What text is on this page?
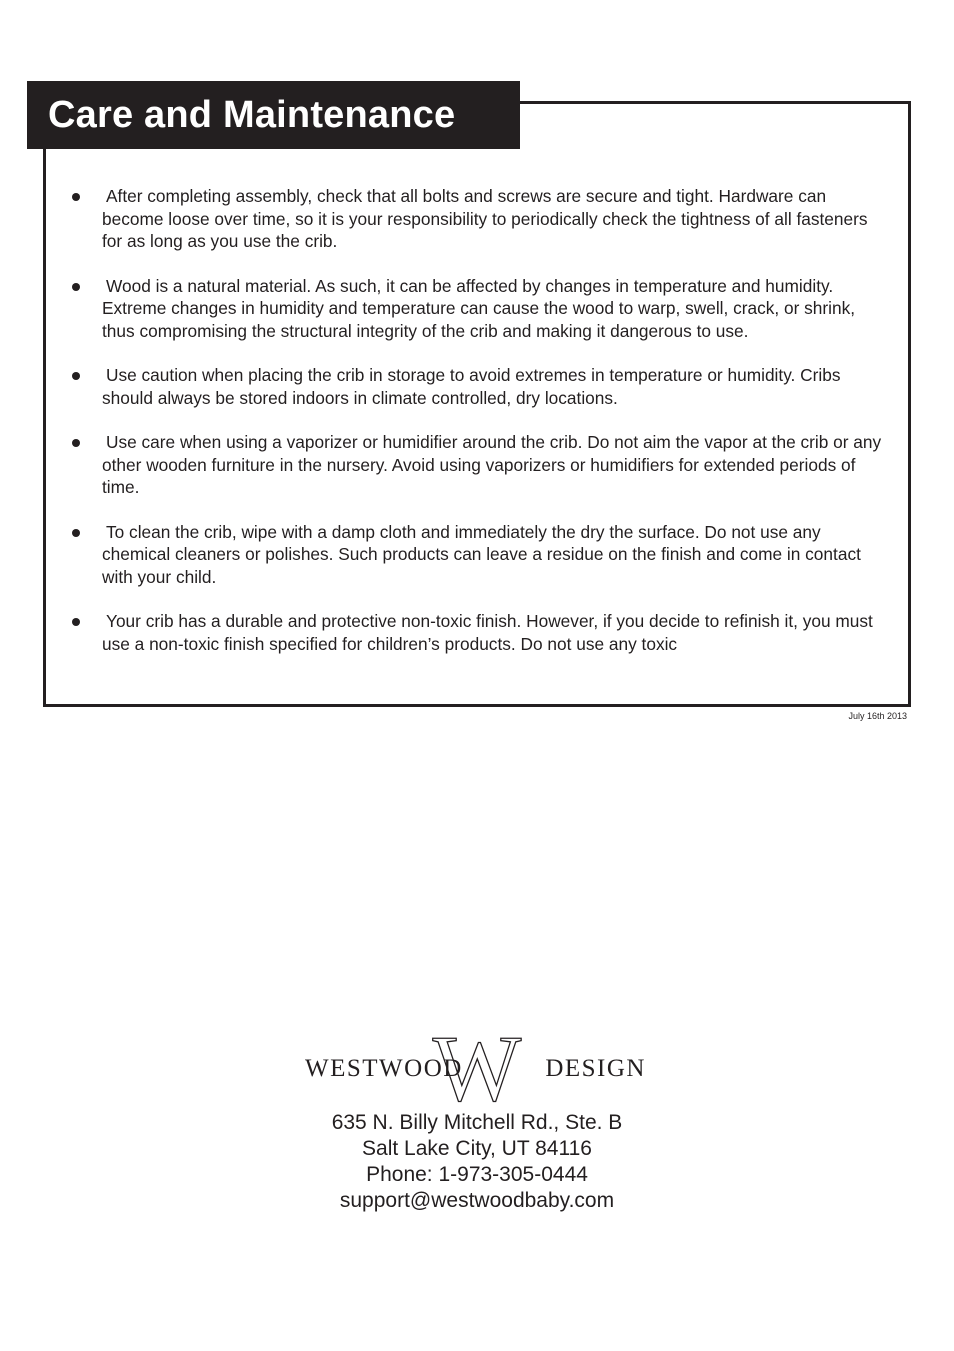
Care and Maintenance
After completing assembly, check that all bolts and screws are secure and tight. Hardware can become loose over time, so it is your responsibility to periodically check the tightness of all fasteners for as long as you use the crib.
Wood is a natural material. As such, it can be affected by changes in temperature and humidity. Extreme changes in humidity and temperature can cause the wood to warp, swell, crack, or shrink, thus compromising the structural integrity of the crib and making it dangerous to use.
Use caution when placing the crib in storage to avoid extremes in temperature or humidity. Cribs should always be stored indoors in climate controlled, dry locations.
Use care when using a vaporizer or humidifier around the crib. Do not aim the vapor at the crib or any other wooden furniture in the nursery. Avoid using vaporizers or humidifiers for extended periods of time.
To clean the crib, wipe with a damp cloth and immediately the dry the surface. Do not use any chemical cleaners or polishes. Such products can leave a residue on the finish and come in contact with your child.
Your crib has a durable and protective non-toxic finish. However, if you decide to refinish it, you must use a non-toxic finish specified for children’s products. Do not use any toxic
July 16th 2013
W
WESTWOOD	DESIGN
635 N. Billy Mitchell Rd., Ste. B
Salt Lake City, UT 84116
Phone: 1-973-305-0444
support@westwoodbaby.com
